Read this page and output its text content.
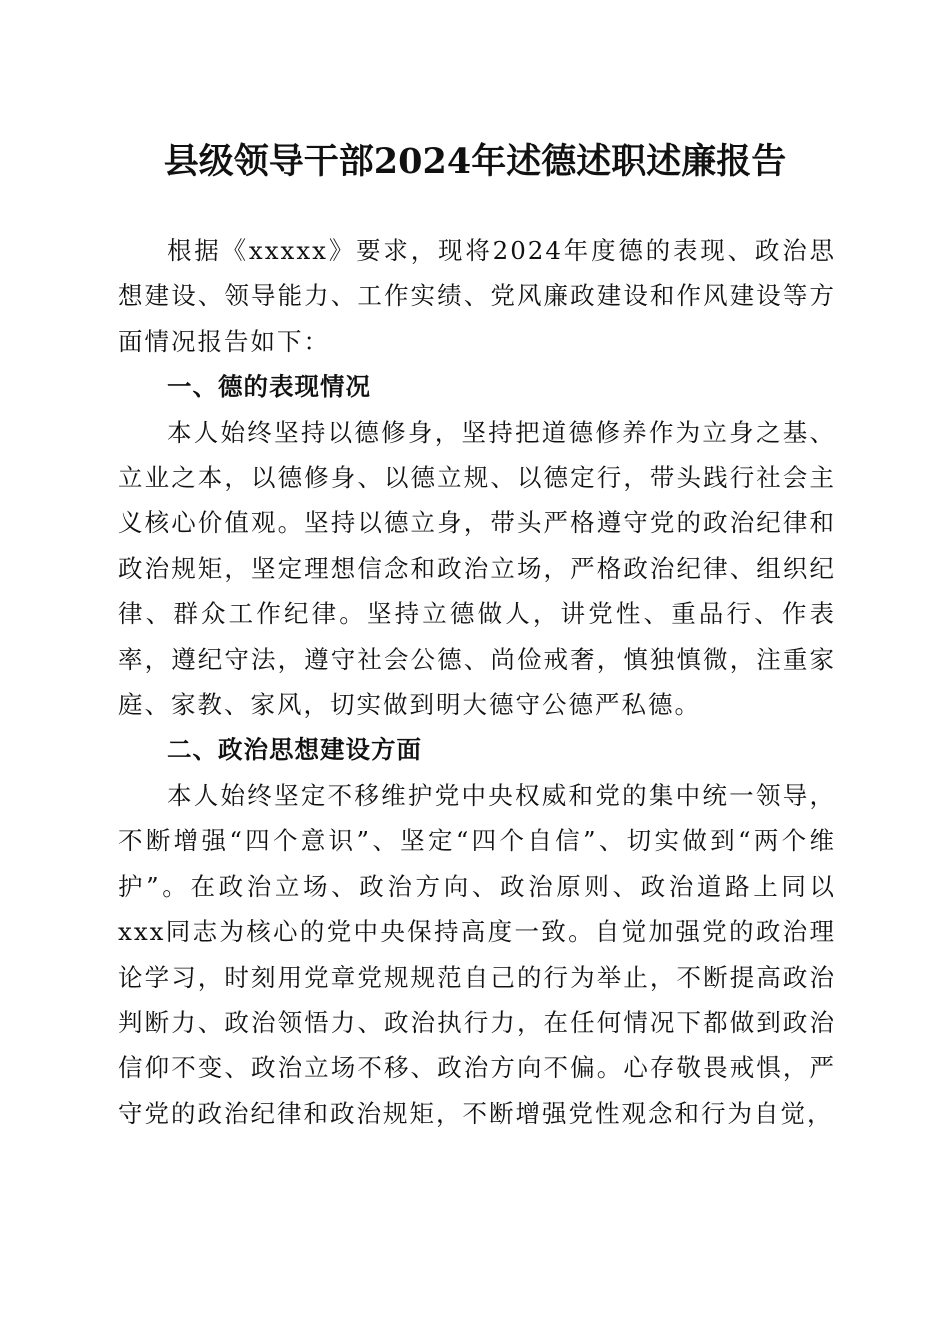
县级领导干部2024年述德述职述廉报告

根据《xxxxx》要求，现将2024年度德的表现、政治思想建设、领导能力、工作实绩、党风廉政建设和作风建设等方面情况报告如下：

一、德的表现情况

本人始终坚持以德修身，坚持把道德修养作为立身之基、立业之本，以德修身、以德立规、以德定行，带头践行社会主义核心价值观。坚持以德立身，带头严格遵守党的政治纪律和政治规矩，坚定理想信念和政治立场，严格政治纪律、组织纪律、群众工作纪律。坚持立德做人，讲党性、重品行、作表率，遵纪守法，遵守社会公德、尚俭戒奢，慎独慎微，注重家庭、家教、家风，切实做到明大德守公德严私德。

二、政治思想建设方面

本人始终坚定不移维护党中央权威和党的集中统一领导，不断增强“四个意识”、坚定“四个自信”、切实做到“两个维护”。在政治立场、政治方向、政治原则、政治道路上同以xxx同志为核心的党中央保持高度一致。自觉加强党的政治理论学习，时刻用党章党规规范自己的行为举止，不断提高政治判断力、政治领悟力、政治执行力，在任何情况下都做到政治信仰不变、政治立场不移、政治方向不偏。心存敬畏戒惧，严守党的政治纪律和政治规矩，不断增强党性观念和行为自觉，
